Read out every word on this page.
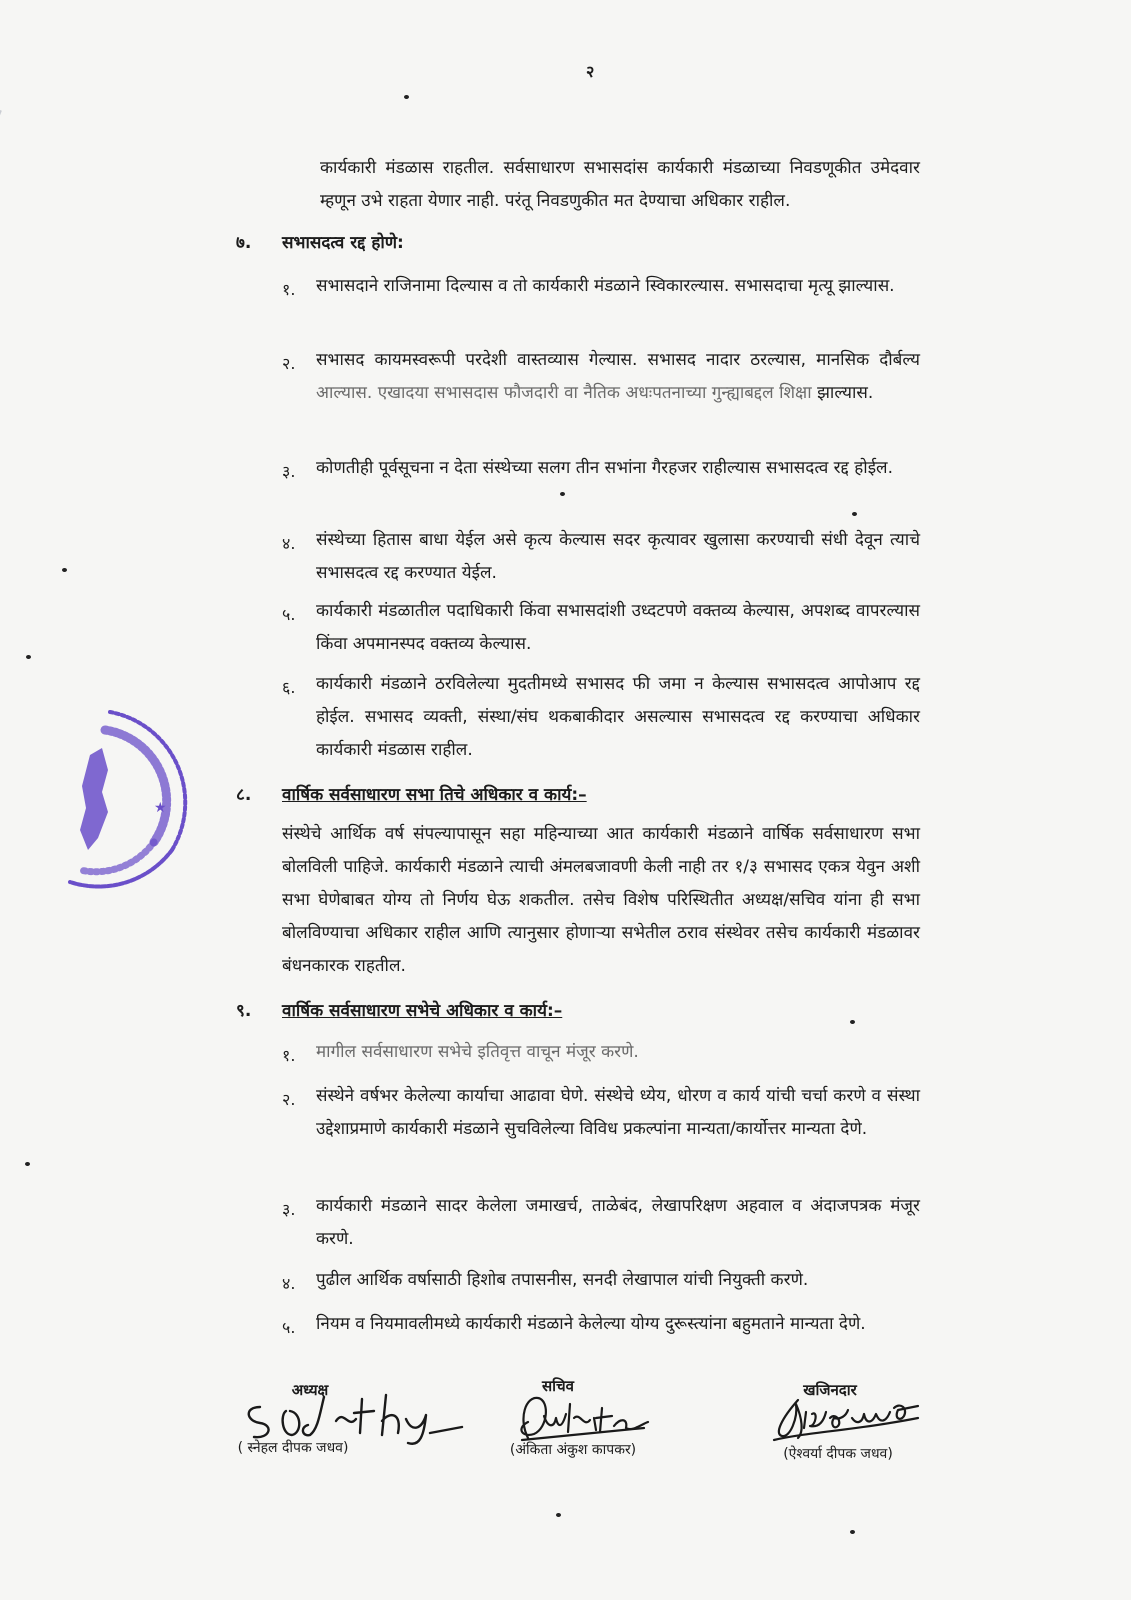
२

कार्यकारी मंडळास राहतील. सर्वसाधारण सभासदांस कार्यकारी मंडळाच्या निवडणूकीत उमेदवार म्हणून उभे राहता येणार नाही. परंतू निवडणुकीत मत देण्याचा अधिकार राहील.

७. सभासदत्व रद्द होणे:
१. सभासदाने राजिनामा दिल्यास व तो कार्यकारी मंडळाने स्विकारल्यास. सभासदाचा मृत्यू झाल्यास.

२. सभासद कायमस्वरूपी परदेशी वास्तव्यास गेल्यास. सभासद नादार ठरल्यास, मानसिक दौर्बल्य आल्यास. एखादया सभासदास फौजदारी वा नैतिक अधःपतनाच्या गुन्ह्याबद्दल शिक्षा झाल्यास.

३. कोणतीही पूर्वसूचना न देता संस्थेच्या सलग तीन सभांना गैरहजर राहील्यास सभासदत्व रद्द होईल.

४. संस्थेच्या हितास बाधा येईल असे कृत्य केल्यास सदर कृत्यावर खुलासा करण्याची संधी देवून त्याचे सभासदत्व रद्द करण्यात येईल.

५. कार्यकारी मंडळातील पदाधिकारी किंवा सभासदांशी उध्दटपणे वक्तव्य केल्यास, अपशब्द वापरल्यास किंवा अपमानस्पद वक्तव्य केल्यास.

६. कार्यकारी मंडळाने ठरविलेल्या मुदतीमध्ये सभासद फी जमा न केल्यास सभासदत्व आपोआप रद्द होईल. सभासद व्यक्ती, संस्था/संघ थकबाकीदार असल्यास सभासदत्व रद्द करण्याचा अधिकार कार्यकारी मंडळास राहील.

८. वार्षिक सर्वसाधारण सभा तिचे अधिकार व कार्य:–

संस्थेचे आर्थिक वर्ष संपल्यापासून सहा महिन्याच्या आत कार्यकारी मंडळाने वार्षिक सर्वसाधारण सभा बोलविली पाहिजे. कार्यकारी मंडळाने त्याची अंमलबजावणी केली नाही तर १/३ सभासद एकत्र येवुन अशी सभा घेणेबाबत योग्य तो निर्णय घेऊ शकतील. तसेच विशेष परिस्थितीत अध्यक्ष/सचिव यांना ही सभा बोलविण्याचा अधिकार राहील आणि त्यानुसार होणाऱ्या सभेतील ठराव संस्थेवर तसेच कार्यकारी मंडळावर बंधनकारक राहतील.

९. वार्षिक सर्वसाधारण सभेचे अधिकार व कार्य:–
१. मागील सर्वसाधारण सभेचे इतिवृत्त वाचून मंजूर करणे.

२. संस्थेने वर्षभर केलेल्या कार्याचा आढावा घेणे. संस्थेचे ध्येय, धोरण व कार्य यांची चर्चा करणे व संस्था उद्देशाप्रमाणे कार्यकारी मंडळाने सुचविलेल्या विविध प्रकल्पांना मान्यता/कार्योत्तर मान्यता देणे.

३. कार्यकारी मंडळाने सादर केलेला जमाखर्च, ताळेबंद, लेखापरिक्षण अहवाल व अंदाजपत्रक मंजूर करणे.

४. पुढील आर्थिक वर्षासाठी हिशोब तपासनीस, सनदी लेखापाल यांची नियुक्ती करणे.

५. नियम व नियमावलीमध्ये कार्यकारी मंडळाने केलेल्या योग्य दुरूस्त्यांना बहुमताने मान्यता देणे.

★
अध्यक्ष
( स्नेहल दीपक जधव)
सचिव
(अंकिता अंकुश कापकर)
खजिनदार
(ऐश्वर्या दीपक जधव)
